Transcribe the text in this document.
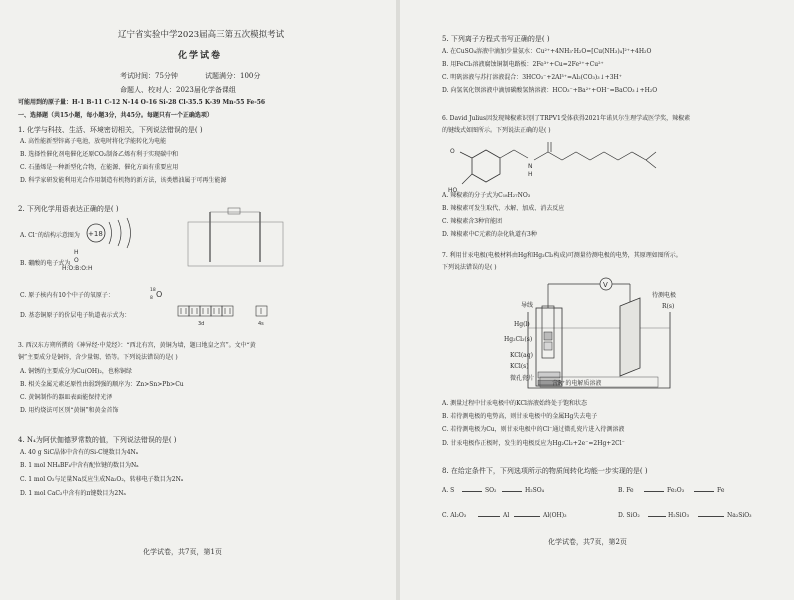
辽宁省实验中学2023届高三第五次模拟考试
化学试卷
考试时间：75分钟	试题满分：100分
命题人、校对人：2023届化学备课组
可能用到的原子量：H-1 B-11 C-12 N-14 O-16 Si-28 Cl-35.5 K-39 Mn-55 Fe-56
一、选择题（共15小题，每小题3分，共45分。每题只有一个正确选项）
1. 化学与科技、生活、环境密切相关，下列说法错误的是( )
A. 高性能新型锌离子电池，放电时将化学能转化为电能
B. 选择性催化剂电催化还原CO₂制备乙烯有利于实现碳中和
C. 石墨烯是一种新型化合物，在能源、催化方面有重要应用
D. 科学家研发能利用光合作用制造有机物的新方法，该类燃油属于可再生能源
2. 下列化学用语表达正确的是( )
A. Cl⁻的结构示意图为 +18
B. 硼酸的电子式为
H
O
H:O:B:O:H
C. 原子核内有10个中子的氧原子：
18
8 O
D. 基态铜原子的价层电子轨道表示式为：
3d	4s
3. 西汉东方朔所撰的《神异经·中荒经》：“西北有宫，黄铜为墙，题曰地皇之宫”。文中“黄
铜”主要成分是铜锌，含少量锡、铅等。下列说法错误的是( )
A. 铜锈的主要成分为Cu(OH)₂，也称铜绿
B. 相关金属元素还原性由弱到强的顺序为：Zn>Sn>Pb>Cu
C. 黄铜制作的器皿表面能保持光泽
D. 用灼烧法可区别“黄铜”和黄金首饰
4. N₄为阿伏伽德罗常数的值，下列说法错误的是( )
A. 40 g SiC晶体中含有的Si-C键数目为4Nₐ
B. 1 mol NH₄BF₄中含有配位键的数目为Nₐ
C. 1 mol O₂与足量Na反应生成Na₂O₂，转移电子数目为2Nₐ
D. 1 mol CaC₂中含有的π键数目为2Nₐ
化学试卷，共7页，第1页
5. 下列离子方程式书写正确的是( )
A. 在CuSO₄溶液中滴加少量氨水：Cu²⁺+4NH₃·H₂O=[Cu(NH₃)₄]²⁺+4H₂O
B. 用FeCl₃溶液腐蚀铜制电路板：2Fe³⁺+Cu=2Fe²⁺+Cu²⁺
C. 明矾溶液与苏打溶液混合：3HCO₃⁻+2Al³⁺=Al₂(CO₃)₃↓+3H⁺
D. 向氢氧化钡溶液中滴加碳酸氢钠溶液：HCO₃⁻+Ba²⁺+OH⁻=BaCO₃↓+H₂O
6. David Julius因发现辣椒素识别了TRPV1受体获得2021年诺贝尔生理学或医学奖，辣椒素
的键线式如图所示。下列说法正确的是( )
O
HO
N
H
A. 辣椒素的分子式为C₁₈H₂₇NO₃
B. 辣椒素可发生取代、水解、加成、消去反应
C. 辣椒素含3种官能团
D. 辣椒素中C元素的杂化轨道有3种
7. 利用甘汞电极(电极材料由Hg和Hg₂Cl₂构成)可测量待测电极的电势，其原理如图所示。
下列说法错误的是( )
V
含R⁺的电解质溶液
导线
Hg(l)
Hg₂Cl₂(s)
KCl(aq)
KCl(s)
微孔瓷片
待测电极
R(s)
A. 测量过程中甘汞电极中的KCl溶液始终处于饱和状态
B. 若待测电极的电势高，则甘汞电极中的金属Hg失去电子
C. 若待测电极为Cu，则甘汞电极中的Cl⁻通过微孔瓷片进入待测溶液
D. 甘汞电极作正极时，发生的电极反应为Hg₂Cl₂+2e⁻=2Hg+2Cl⁻
8. 在给定条件下，下列选项所示的物质间转化均能一步实现的是( )
A. S	SO₂	H₂SO₄	B. Fe	Fe₂O₃	Fe
C. Al₂O₃	Al	Al(OH)₃	D. SiO₂	H₂SiO₃	Na₂SiO₃
化学试卷，共7页，第2页
